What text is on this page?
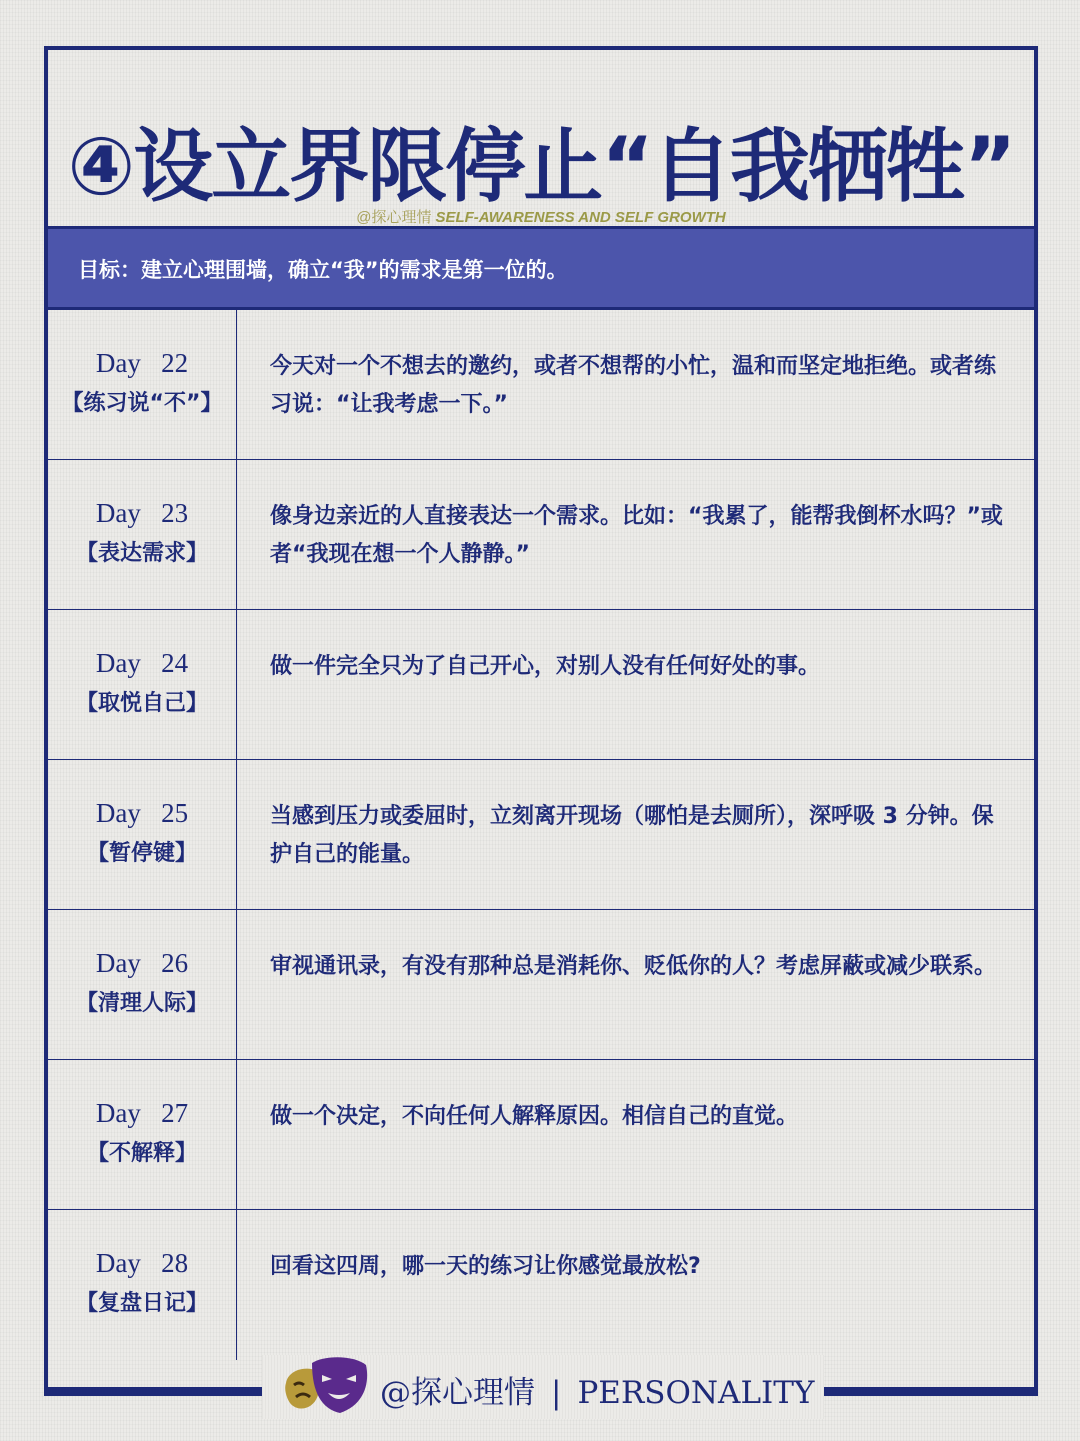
④设立界限停止“自我牺牲”
@探心理情 SELF-AWARENESS AND SELF GROWTH
目标：建立心理围墙，确立“我”的需求是第一位的。
Day   22
【练习说“不”】
今天对一个不想去的邀约，或者不想帮的小忙，温和而坚定地拒绝。或者练习说：“让我考虑一下。”
Day   23
【表达需求】
像身边亲近的人直接表达一个需求。比如：“我累了，能帮我倒杯水吗？”或者“我现在想一个人静静。”
Day   24
【取悦自己】
做一件完全只为了自己开心，对别人没有任何好处的事。
Day   25
【暂停键】
当感到压力或委屈时，立刻离开现场（哪怕是去厕所），深呼吸 3 分钟。保护自己的能量。
Day   26
【清理人际】
审视通讯录，有没有那种总是消耗你、贬低你的人？考虑屏蔽或减少联系。
Day   27
【不解释】
做一个决定，不向任何人解释原因。相信自己的直觉。
Day   28
【复盘日记】
回看这四周，哪一天的练习让你感觉最放松?
@探心理情 | PERSONALITY
